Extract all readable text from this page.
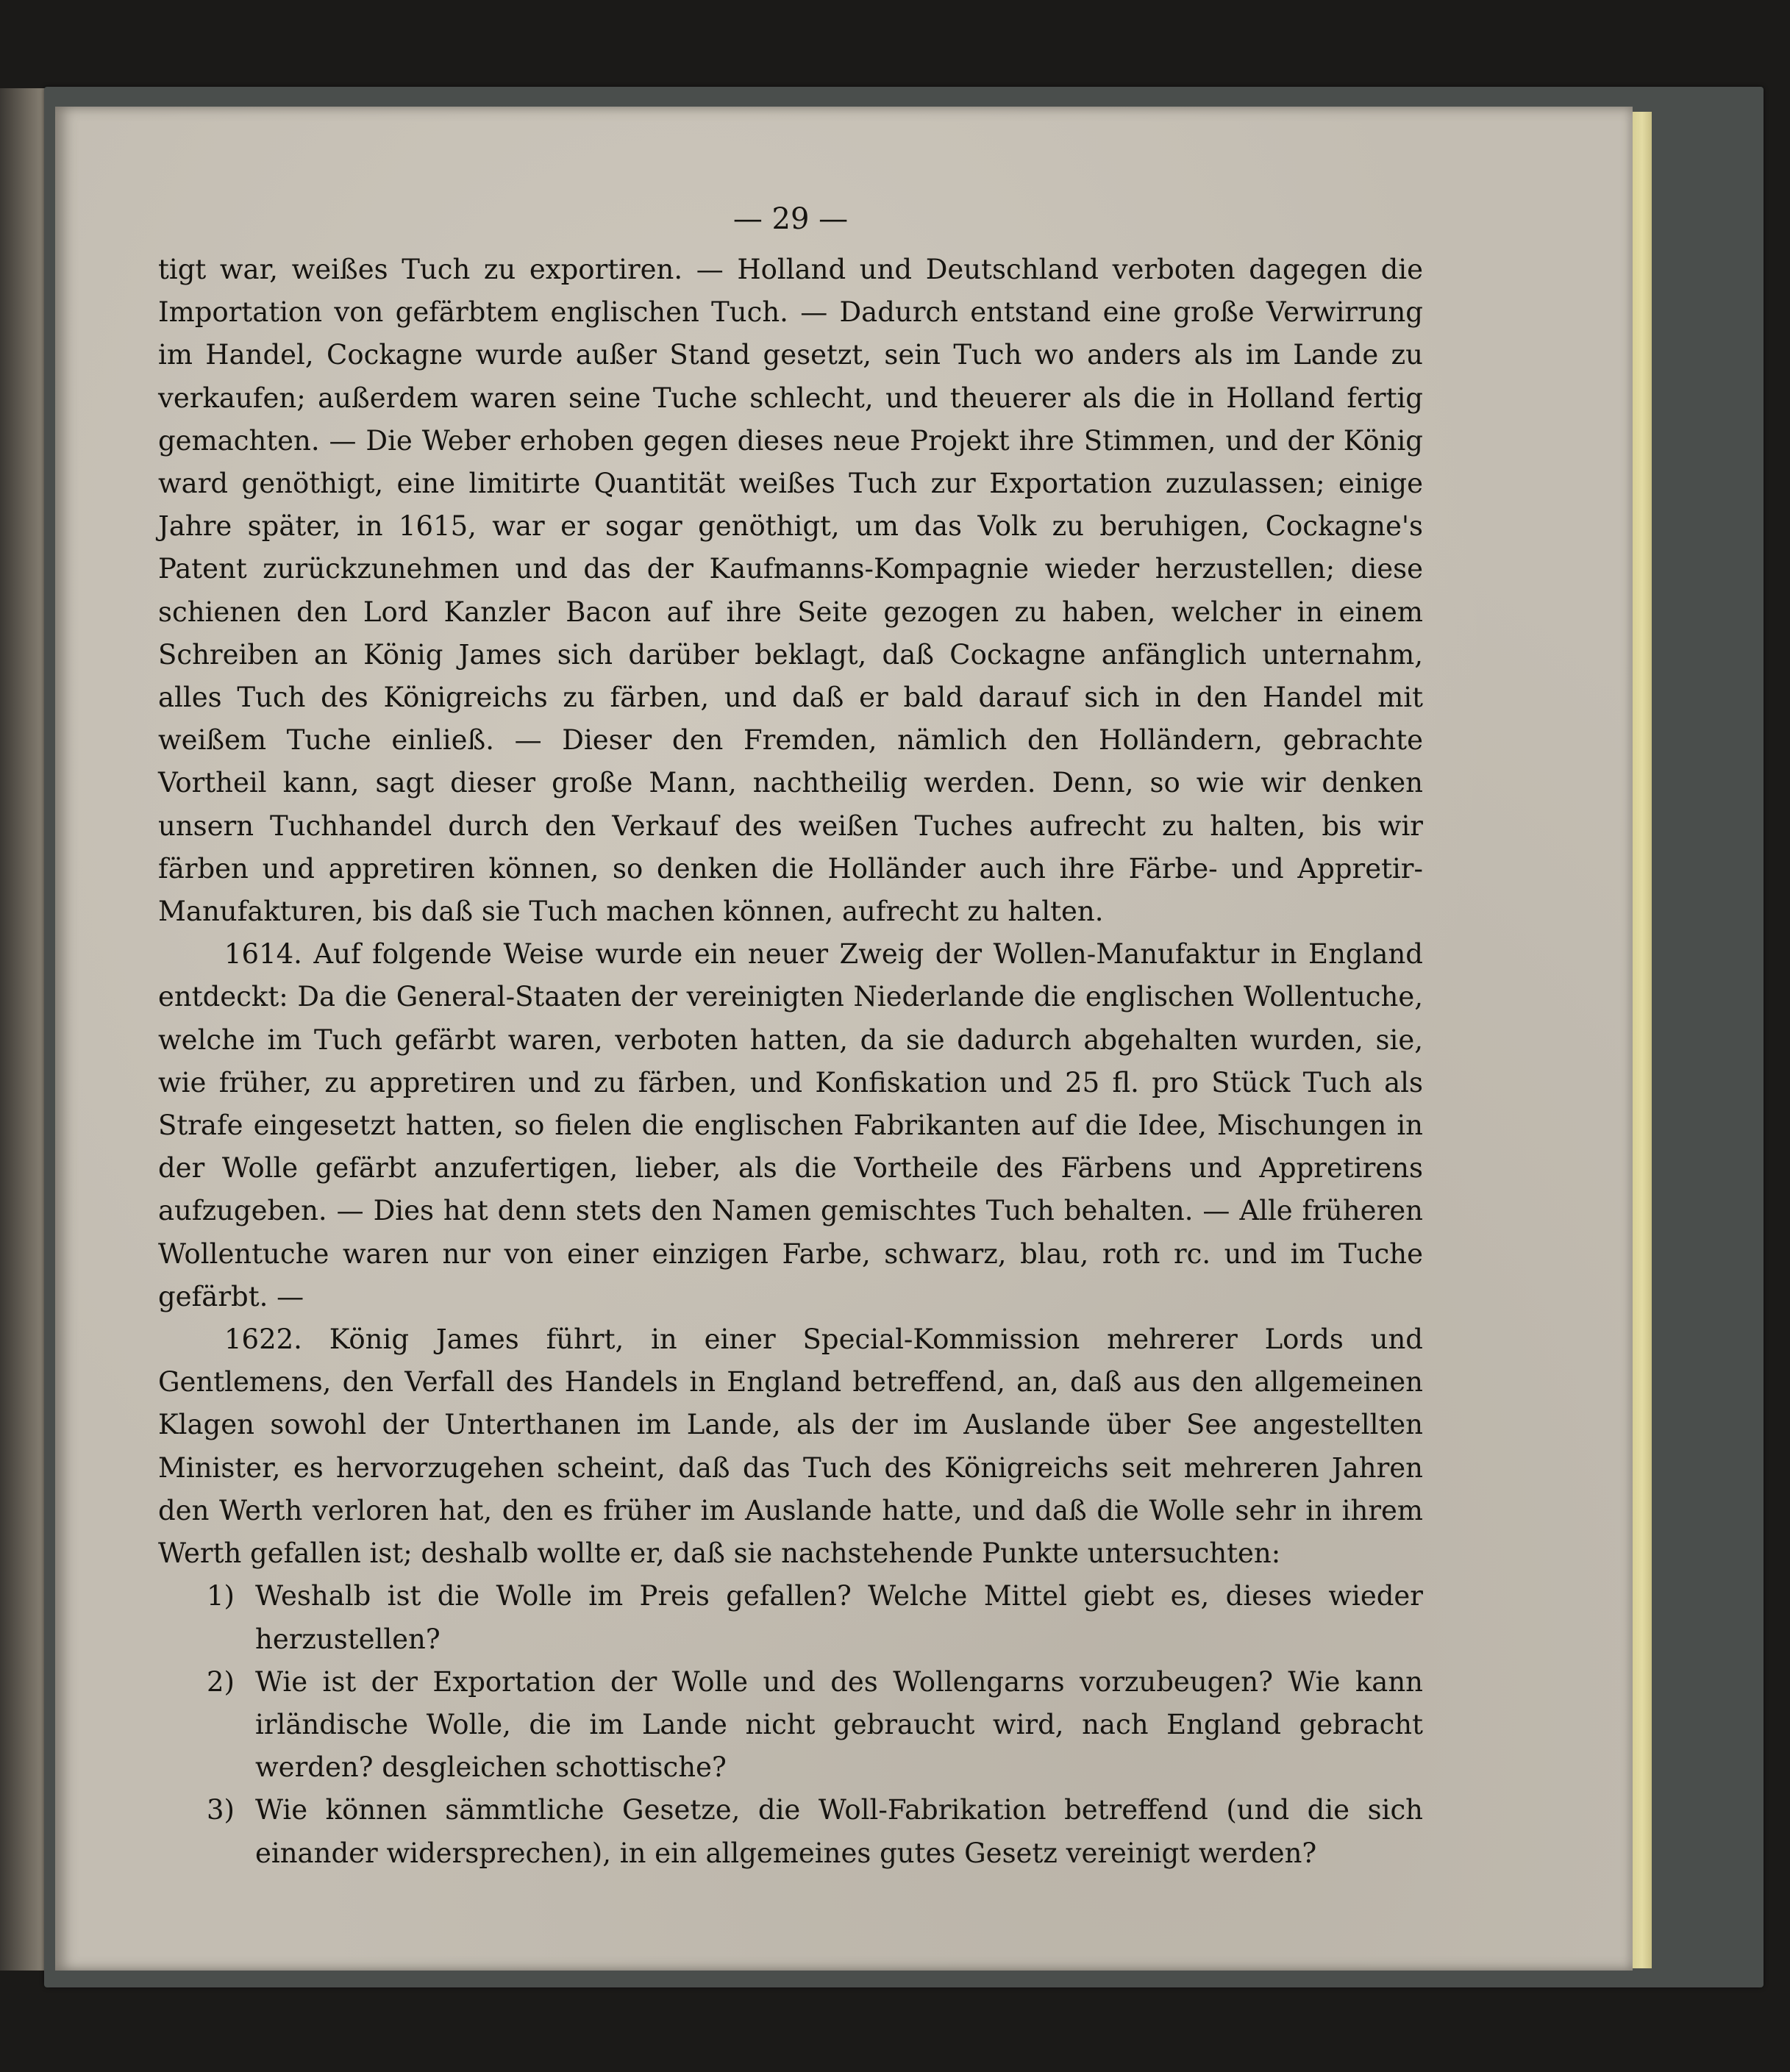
— 29 —

tigt war, weißes Tuch zu exportiren. — Holland und Deutschland verboten dagegen die Importation von gefärbtem englischen Tuch. — Dadurch entstand eine große Verwirrung im Handel, Cockagne wurde außer Stand gesetzt, sein Tuch wo anders als im Lande zu verkaufen; außerdem waren seine Tuche schlecht, und theuerer als die in Holland fertig gemachten. — Die Weber erhoben gegen dieses neue Projekt ihre Stimmen, und der König ward genöthigt, eine limitirte Quantität weißes Tuch zur Exportation zuzulassen; einige Jahre später, in 1615, war er sogar genöthigt, um das Volk zu beruhigen, Cockagne's Patent zurückzunehmen und das der Kaufmanns-Kompagnie wieder herzustellen; diese schienen den Lord Kanzler Bacon auf ihre Seite gezogen zu haben, welcher in einem Schreiben an König James sich darüber beklagt, daß Cockagne anfänglich unternahm, alles Tuch des Königreichs zu färben, und daß er bald darauf sich in den Handel mit weißem Tuche einließ. — Dieser den Fremden, nämlich den Holländern, gebrachte Vortheil kann, sagt dieser große Mann, nachtheilig werden. Denn, so wie wir denken unsern Tuchhandel durch den Verkauf des weißen Tuches aufrecht zu halten, bis wir färben und appretiren können, so denken die Holländer auch ihre Färbe- und Appretir-Manufakturen, bis daß sie Tuch machen können, aufrecht zu halten.

1614. Auf folgende Weise wurde ein neuer Zweig der Wollen-Manufaktur in England entdeckt: Da die General-Staaten der vereinigten Niederlande die englischen Wollentuche, welche im Tuch gefärbt waren, verboten hatten, da sie dadurch abgehalten wurden, sie, wie früher, zu appretiren und zu färben, und Konfiskation und 25 fl. pro Stück Tuch als Strafe eingesetzt hatten, so fielen die englischen Fabrikanten auf die Idee, Mischungen in der Wolle gefärbt anzufertigen, lieber, als die Vortheile des Färbens und Appretirens aufzugeben. — Dies hat denn stets den Namen gemischtes Tuch behalten. — Alle früheren Wollentuche waren nur von einer einzigen Farbe, schwarz, blau, roth rc. und im Tuche gefärbt. —

1622. König James führt, in einer Special-Kommission mehrerer Lords und Gentlemens, den Verfall des Handels in England betreffend, an, daß aus den allgemeinen Klagen sowohl der Unterthanen im Lande, als der im Auslande über See angestellten Minister, es hervorzugehen scheint, daß das Tuch des Königreichs seit mehreren Jahren den Werth verloren hat, den es früher im Auslande hatte, und daß die Wolle sehr in ihrem Werth gefallen ist; deshalb wollte er, daß sie nachstehende Punkte untersuchten:

1) Weshalb ist die Wolle im Preis gefallen? Welche Mittel giebt es, dieses wieder herzustellen?
2) Wie ist der Exportation der Wolle und des Wollengarns vorzubeugen? Wie kann irländische Wolle, die im Lande nicht gebraucht wird, nach England gebracht werden? desgleichen schottische?
3) Wie können sämmtliche Gesetze, die Woll-Fabrikation betreffend (und die sich einander widersprechen), in ein allgemeines gutes Gesetz vereinigt werden?
